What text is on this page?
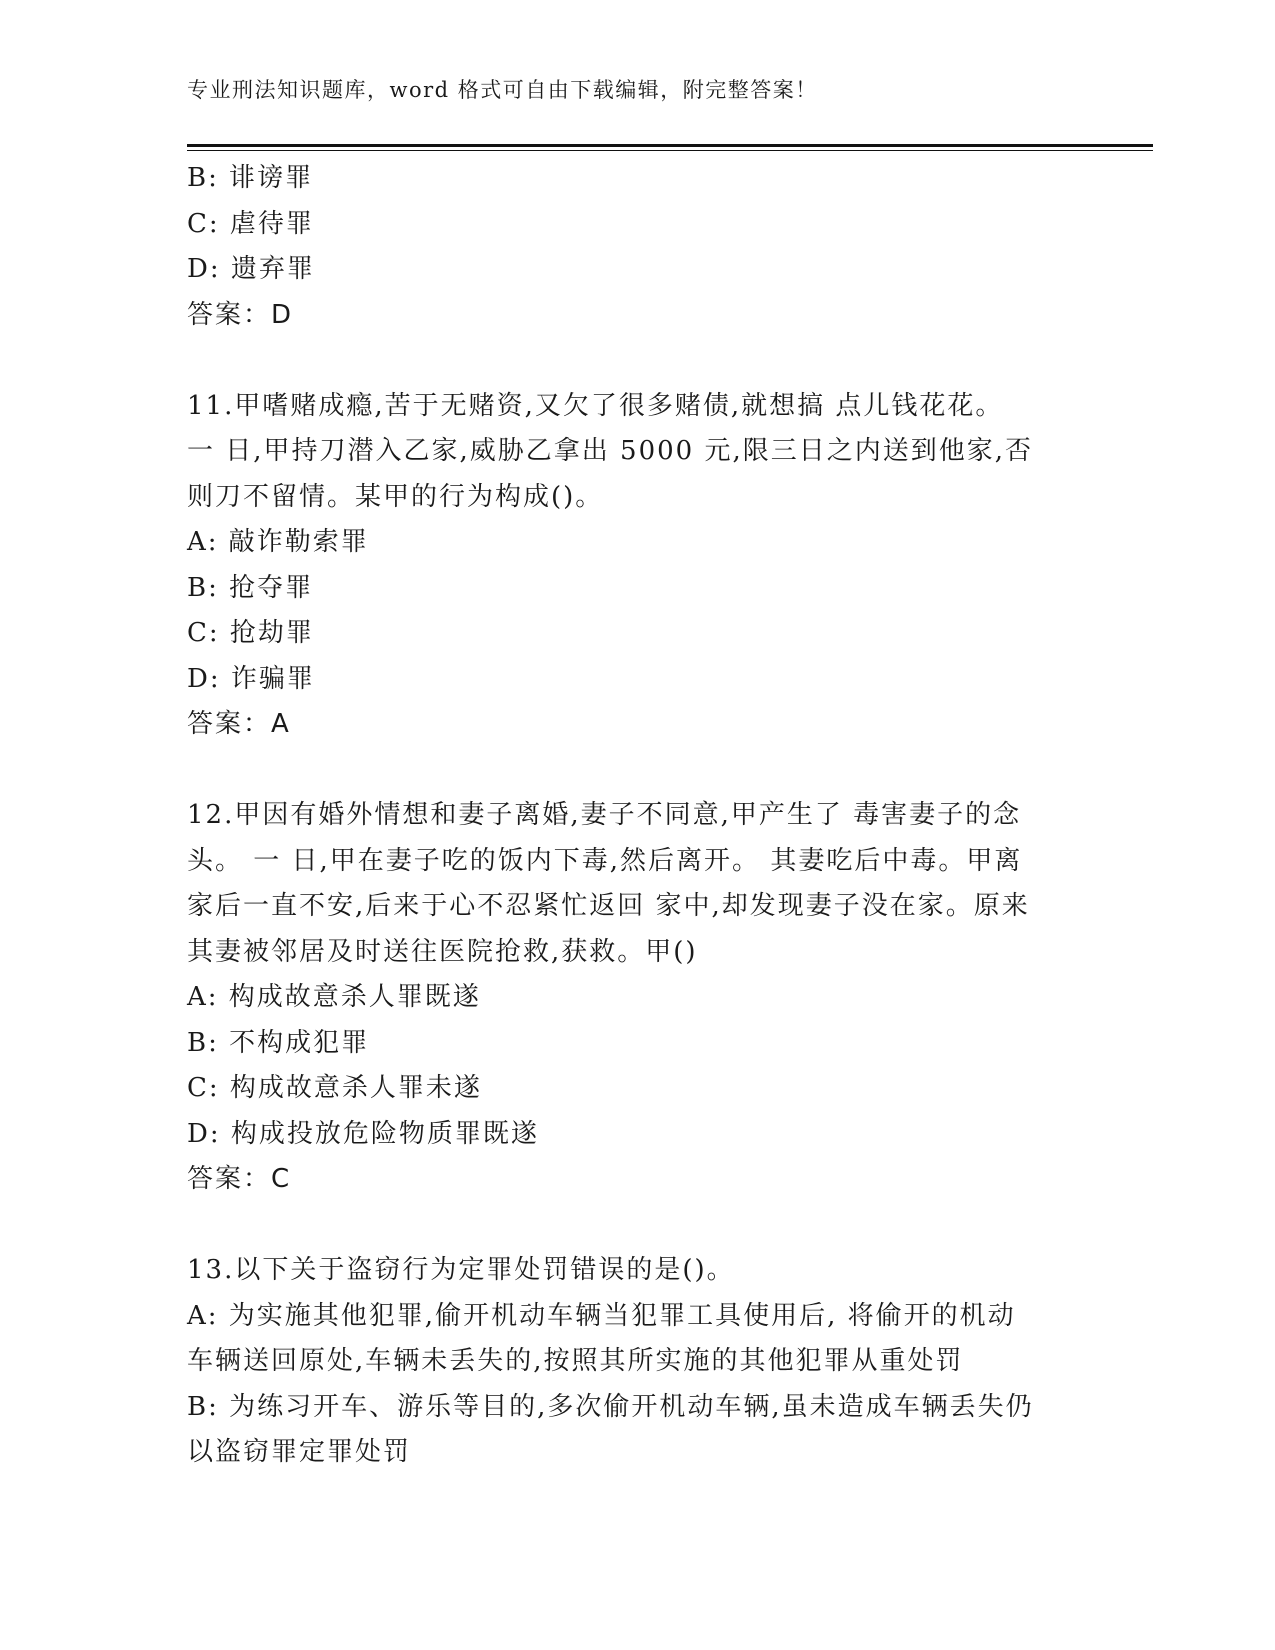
专业刑法知识题库，word 格式可自由下载编辑，附完整答案！
B: 诽谤罪
C: 虐待罪
D: 遗弃罪
答案：D
11.甲嗜赌成瘾,苦于无赌资,又欠了很多赌债,就想搞 点儿钱花花。
一 日,甲持刀潜入乙家,威胁乙拿出 5000 元,限三日之内送到他家,否
则刀不留情。某甲的行为构成()。
A: 敲诈勒索罪
B: 抢夺罪
C: 抢劫罪
D: 诈骗罪
答案：A
12.甲因有婚外情想和妻子离婚,妻子不同意,甲产生了 毒害妻子的念
头。 一 日,甲在妻子吃的饭内下毒,然后离开。 其妻吃后中毒。甲离
家后一直不安,后来于心不忍紧忙返回 家中,却发现妻子没在家。原来
其妻被邻居及时送往医院抢救,获救。甲()
A: 构成故意杀人罪既遂
B: 不构成犯罪
C: 构成故意杀人罪未遂
D: 构成投放危险物质罪既遂
答案：C
13.以下关于盗窃行为定罪处罚错误的是()。
A: 为实施其他犯罪,偷开机动车辆当犯罪工具使用后, 将偷开的机动
车辆送回原处,车辆未丢失的,按照其所实施的其他犯罪从重处罚
B: 为练习开车、游乐等目的,多次偷开机动车辆,虽未造成车辆丢失仍
以盗窃罪定罪处罚
